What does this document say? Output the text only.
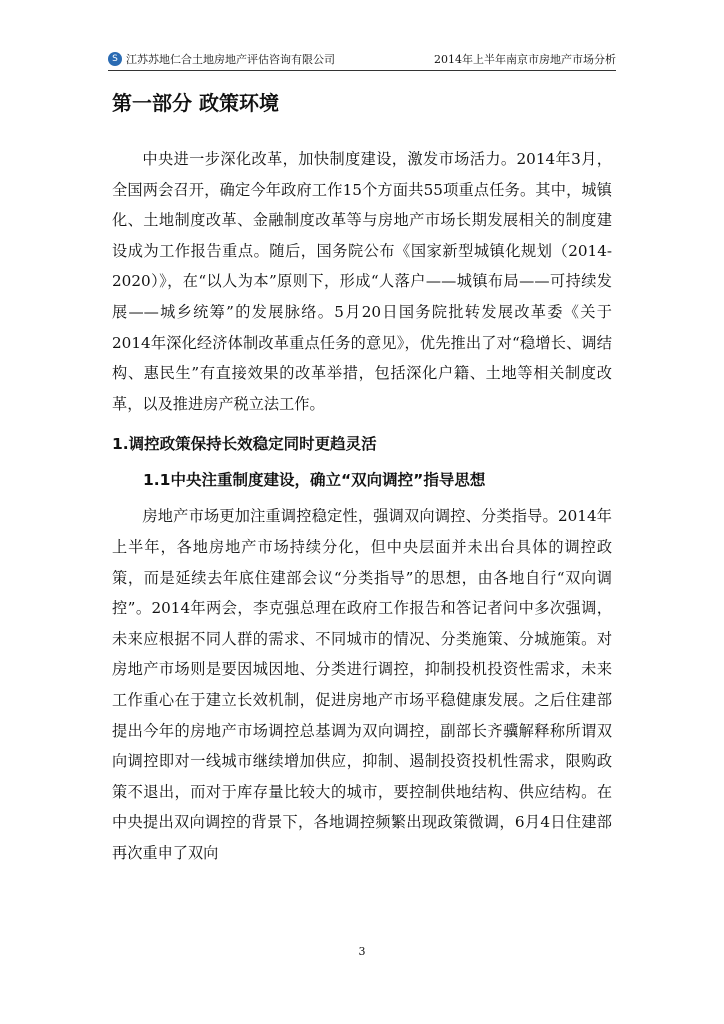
S 江苏苏地仁合土地房地产评估咨询有限公司	2014年上半年南京市房地产市场分析
第一部分 政策环境

中央进一步深化改革，加快制度建设，激发市场活力。2014年3月，全国两会召开，确定今年政府工作15个方面共55项重点任务。其中，城镇化、土地制度改革、金融制度改革等与房地产市场长期发展相关的制度建设成为工作报告重点。随后，国务院公布《国家新型城镇化规划（2014-2020）》，在“以人为本”原则下，形成“人落户——城镇布局——可持续发展——城乡统筹”的发展脉络。5月20日国务院批转发展改革委《关于2014年深化经济体制改革重点任务的意见》，优先推出了对“稳增长、调结构、惠民生”有直接效果的改革举措，包括深化户籍、土地等相关制度改革，以及推进房产税立法工作。

1.调控政策保持长效稳定同时更趋灵活
1.1中央注重制度建设，确立“双向调控”指导思想

房地产市场更加注重调控稳定性，强调双向调控、分类指导。2014年上半年，各地房地产市场持续分化，但中央层面并未出台具体的调控政策，而是延续去年底住建部会议“分类指导”的思想，由各地自行“双向调控”。2014年两会，李克强总理在政府工作报告和答记者问中多次强调，未来应根据不同人群的需求、不同城市的情况、分类施策、分城施策。对房地产市场则是要因城因地、分类进行调控，抑制投机投资性需求，未来工作重心在于建立长效机制，促进房地产市场平稳健康发展。之后住建部提出今年的房地产市场调控总基调为双向调控，副部长齐骥解释称所谓双向调控即对一线城市继续增加供应，抑制、遏制投资投机性需求，限购政策不退出，而对于库存量比较大的城市，要控制供地结构、供应结构。在中央提出双向调控的背景下，各地调控频繁出现政策微调，6月4日住建部再次重申了双向

3
